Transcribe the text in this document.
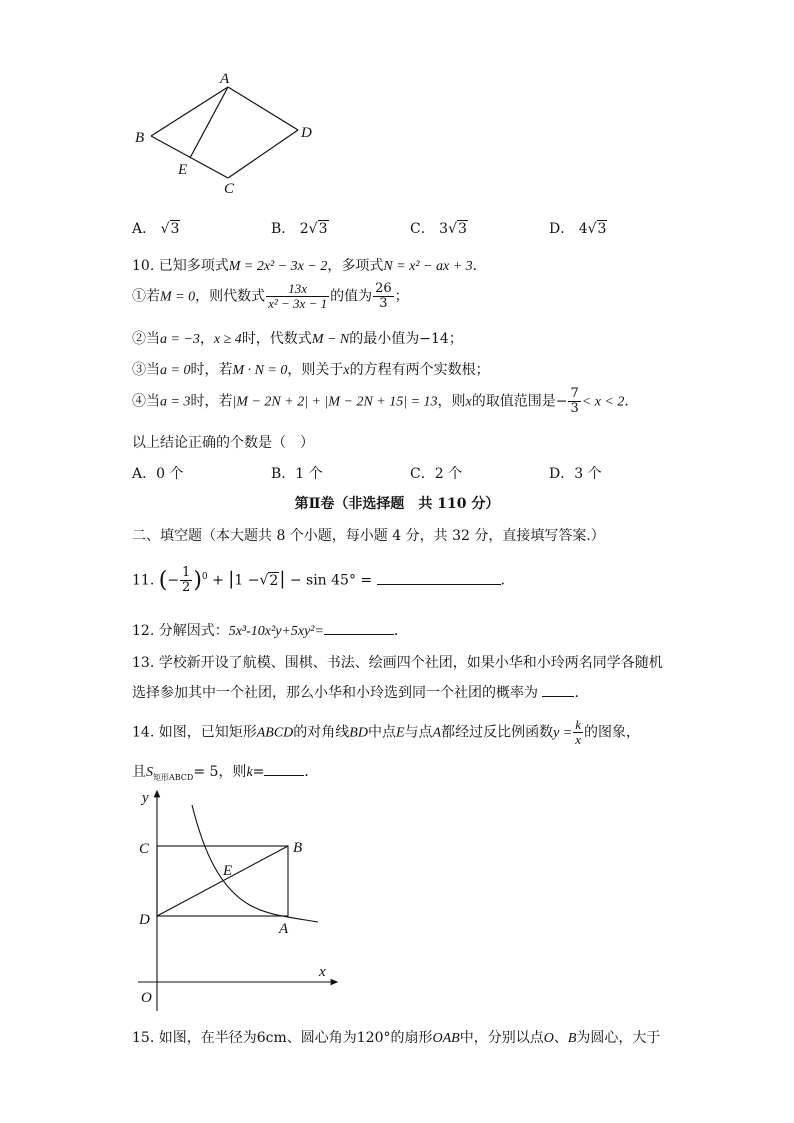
A
B
C
D
E
A． √3	B． 2√3	C． 3√3	D． 4√3
10. 已知多项式M = 2x² − 3x − 2，多项式N = x² − ax + 3．
①若M = 0，则代数式 $\frac{13x}{\text{x² − 3x − 1}}$ 的值为 $\frac{26}{3}$ ；
②当a = −3，x ≥ 4时，代数式M − N的最小值为−14；
③当a = 0时，若M · N = 0，则关于x的方程有两个实数根；
④当a = 3时，若|M − 2N + 2| + |M − 2N + 15| = 13，则x的取值范围是− $\frac{7}{3} < x < 2$．
以上结论正确的个数是（　）
A．0 个	B．1 个	C．2 个	D．3 个
第Ⅱ卷（非选择题　共 110 分）
二、填空题（本大题共 8 个小题，每小题 4 分，共 32 分，直接填写答案.）
11. (− $\frac{1}{2} )^0 + |1 -√2| - \sin 45^\circ$ =	．
12. 分解因式：5x³-10x²y+5xy²=	．
13. 学校新开设了航模、围棋、书法、绘画四个社团，如果小华和小玲两名同学各随机
选择参加其中一个社团，那么小华和小玲选到同一个社团的概率为	．
14. 如图，已知矩形ABCD的对角线BD中点E与点A都经过反比例函数$y = \frac{k}{x}$ 的图象，
且$S_{矩形ABCD}= 5$，则k=	．
y
x
O
C
D
B
A
E
15. 如图，在半径为6cm、圆心角为120°的扇形OAB中，分别以点O、B为圆心，大于
